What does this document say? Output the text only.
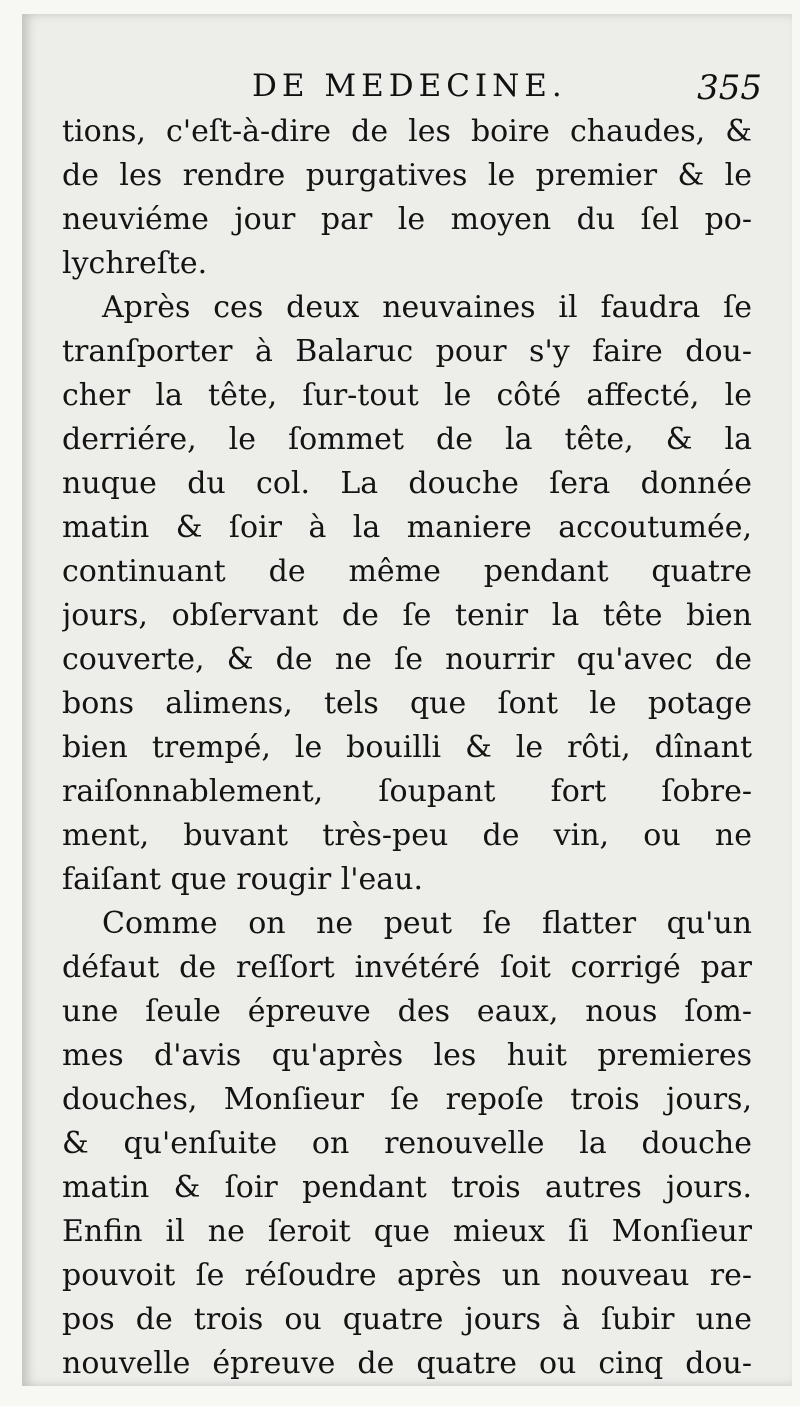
DE MEDECINE.	355
tions, c'eſt-à-dire de les boire chaudes, &
de les rendre purgatives le premier & le
neuviéme jour par le moyen du ſel po-
lychreſte.
Après ces deux neuvaines il faudra ſe
tranſporter à Balaruc pour s'y faire dou-
cher la tête, ſur-tout le côté affecté, le
derriére, le ſommet de la tête, & la
nuque du col. La douche ſera donnée
matin & ſoir à la maniere accoutumée,
continuant de même pendant quatre
jours, obſervant de ſe tenir la tête bien
couverte, & de ne ſe nourrir qu'avec de
bons alimens, tels que ſont le potage
bien trempé, le bouilli & le rôti, dînant
raiſonnablement, ſoupant fort ſobre-
ment, buvant très-peu de vin, ou ne
faiſant que rougir l'eau.
Comme on ne peut ſe flatter qu'un
défaut de reſſort invétéré ſoit corrigé par
une ſeule épreuve des eaux, nous ſom-
mes d'avis qu'après les huit premieres
douches, Monſieur ſe repoſe trois jours,
& qu'enſuite on renouvelle la douche
matin & ſoir pendant trois autres jours.
Enfin il ne ſeroit que mieux ſi Monſieur
pouvoit ſe réſoudre après un nouveau re-
pos de trois ou quatre jours à ſubir une
nouvelle épreuve de quatre ou cinq dou-
